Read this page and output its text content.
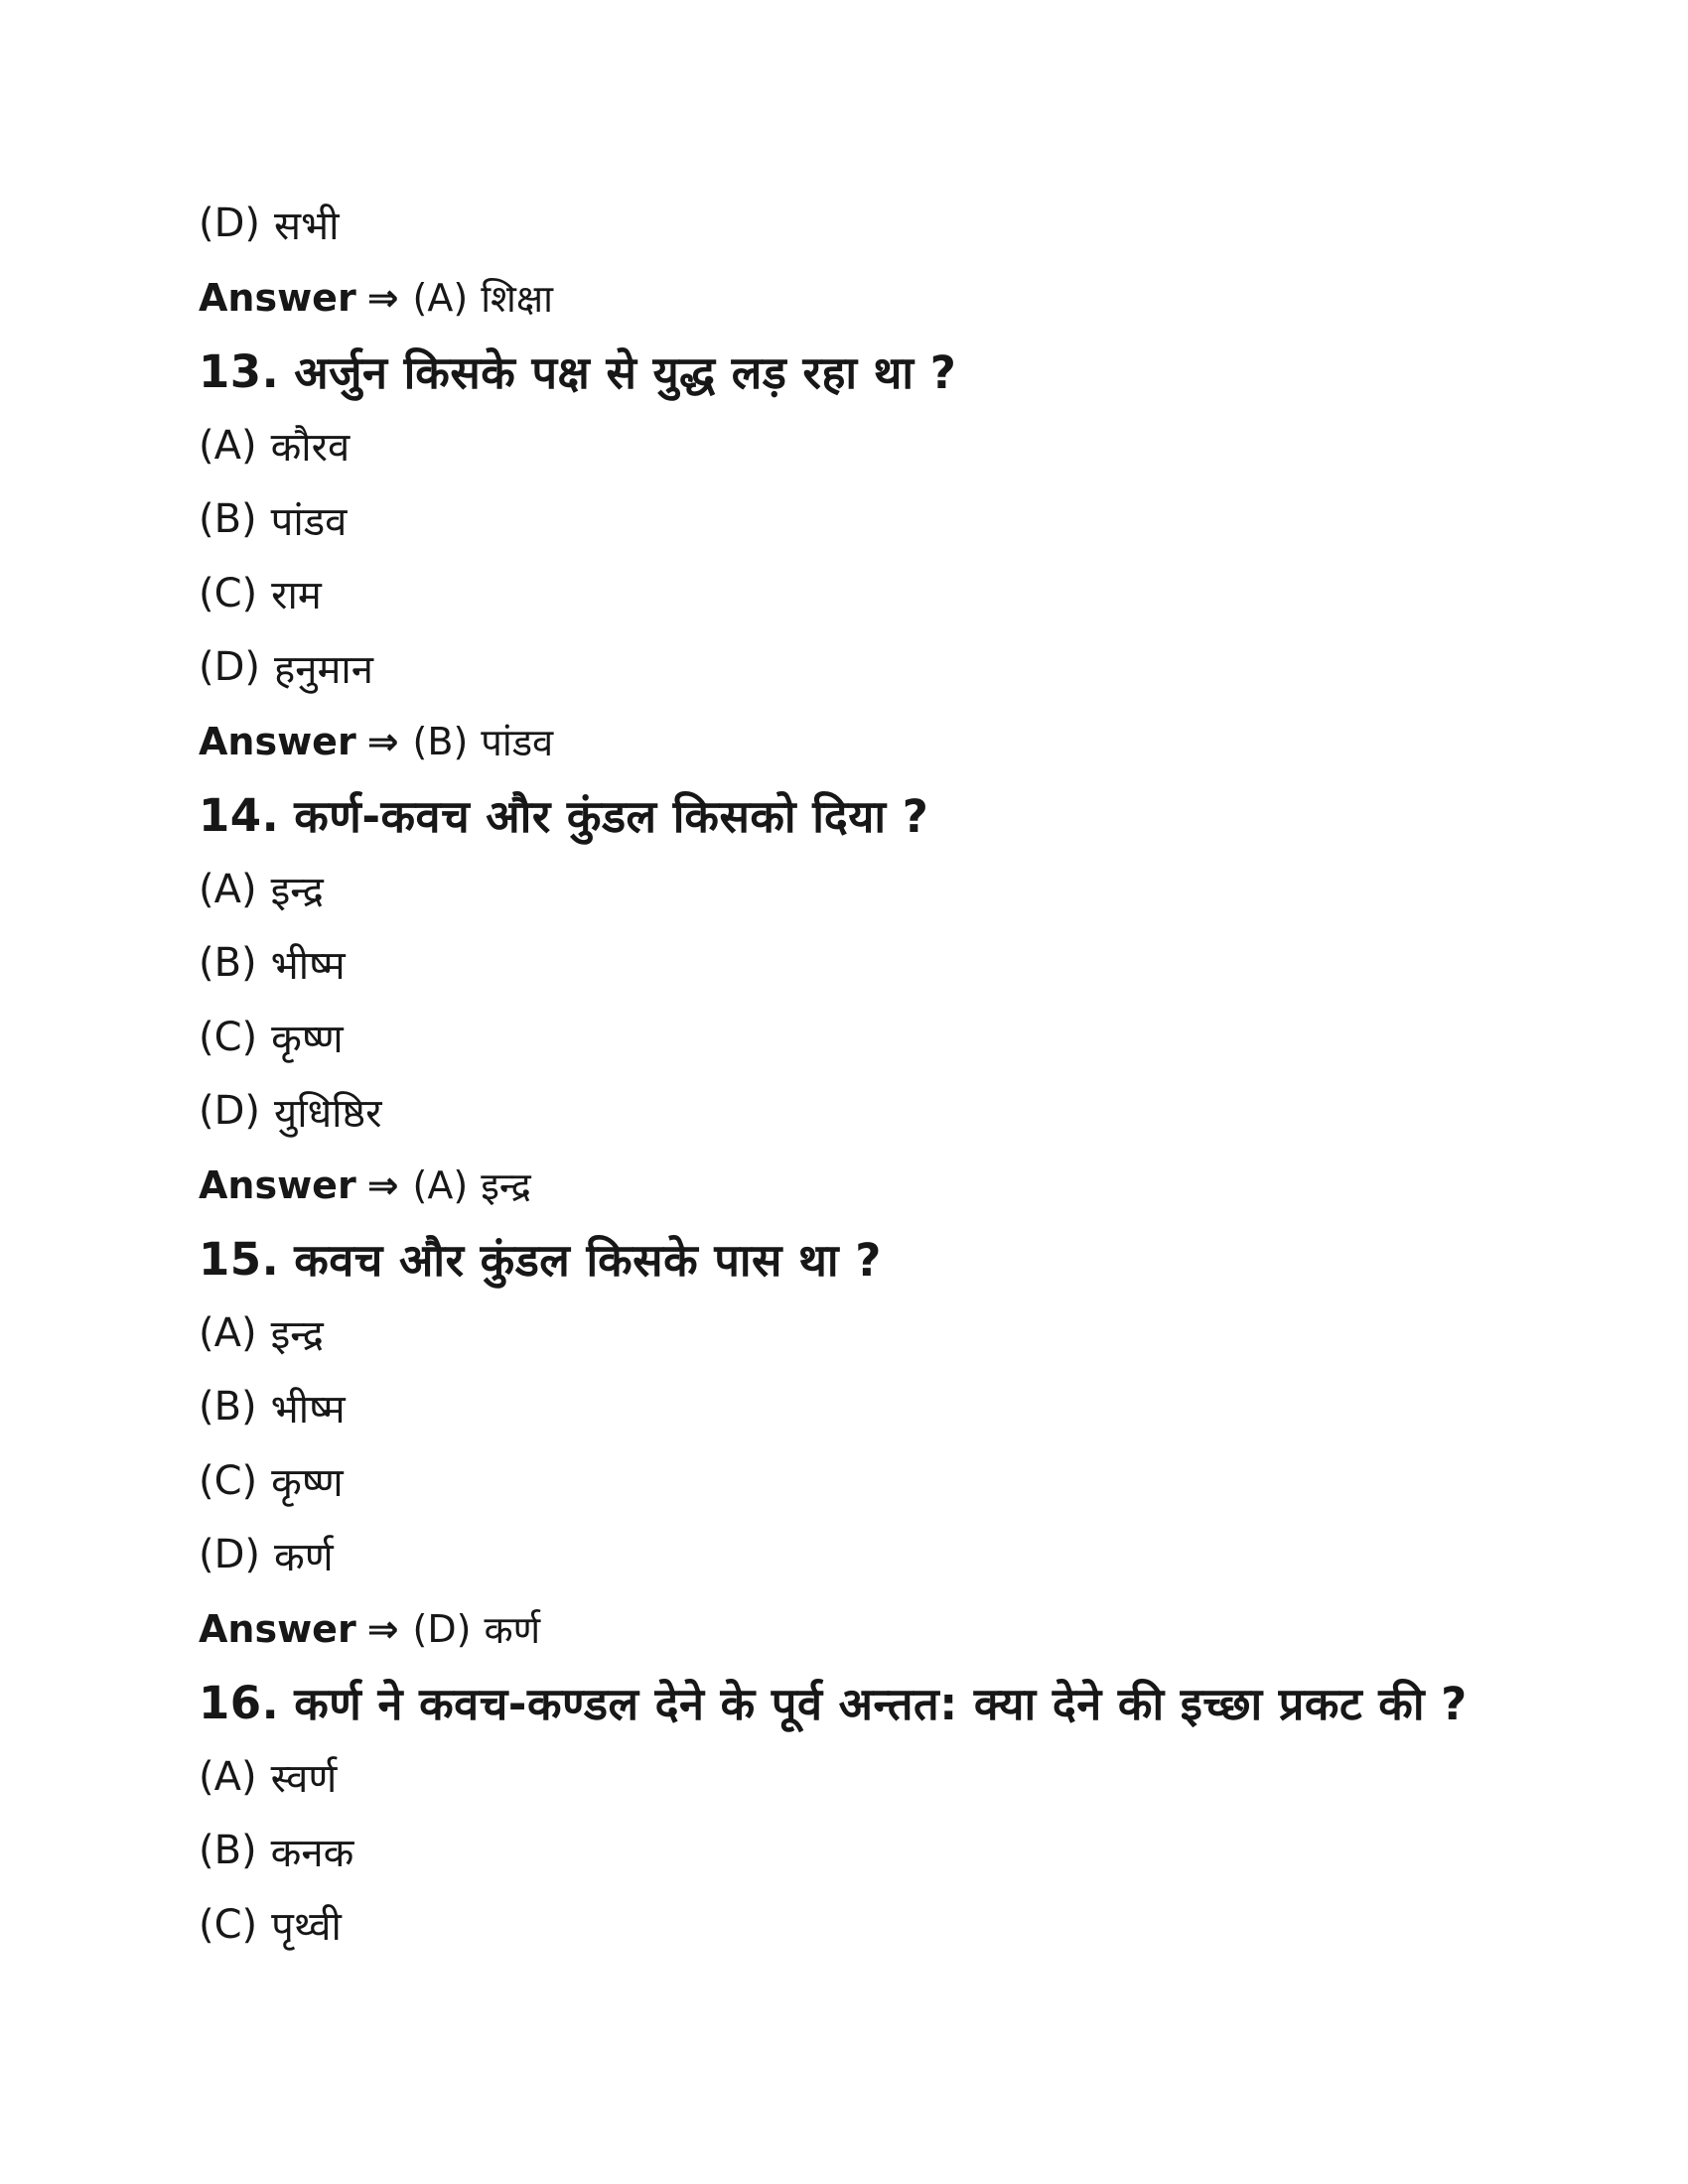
(D) सभी
Answer ⇒ (A) शिक्षा
13. अर्जुन किसके पक्ष से युद्ध लड़ रहा था ?
(A) कौरव
(B) पांडव
(C) राम
(D) हनुमान
Answer ⇒ (B) पांडव
14. कर्ण-कवच और कुंडल किसको दिया ?
(A) इन्द्र
(B) भीष्म
(C) कृष्ण
(D) युधिष्ठिर
Answer ⇒ (A) इन्द्र
15. कवच और कुंडल किसके पास था ?
(A) इन्द्र
(B) भीष्म
(C) कृष्ण
(D) कर्ण
Answer ⇒ (D) कर्ण
16. कर्ण ने कवच-कण्डल देने के पूर्व अन्तत: क्या देने की इच्छा प्रकट की ?
(A) स्वर्ण
(B) कनक
(C) पृथ्वी
